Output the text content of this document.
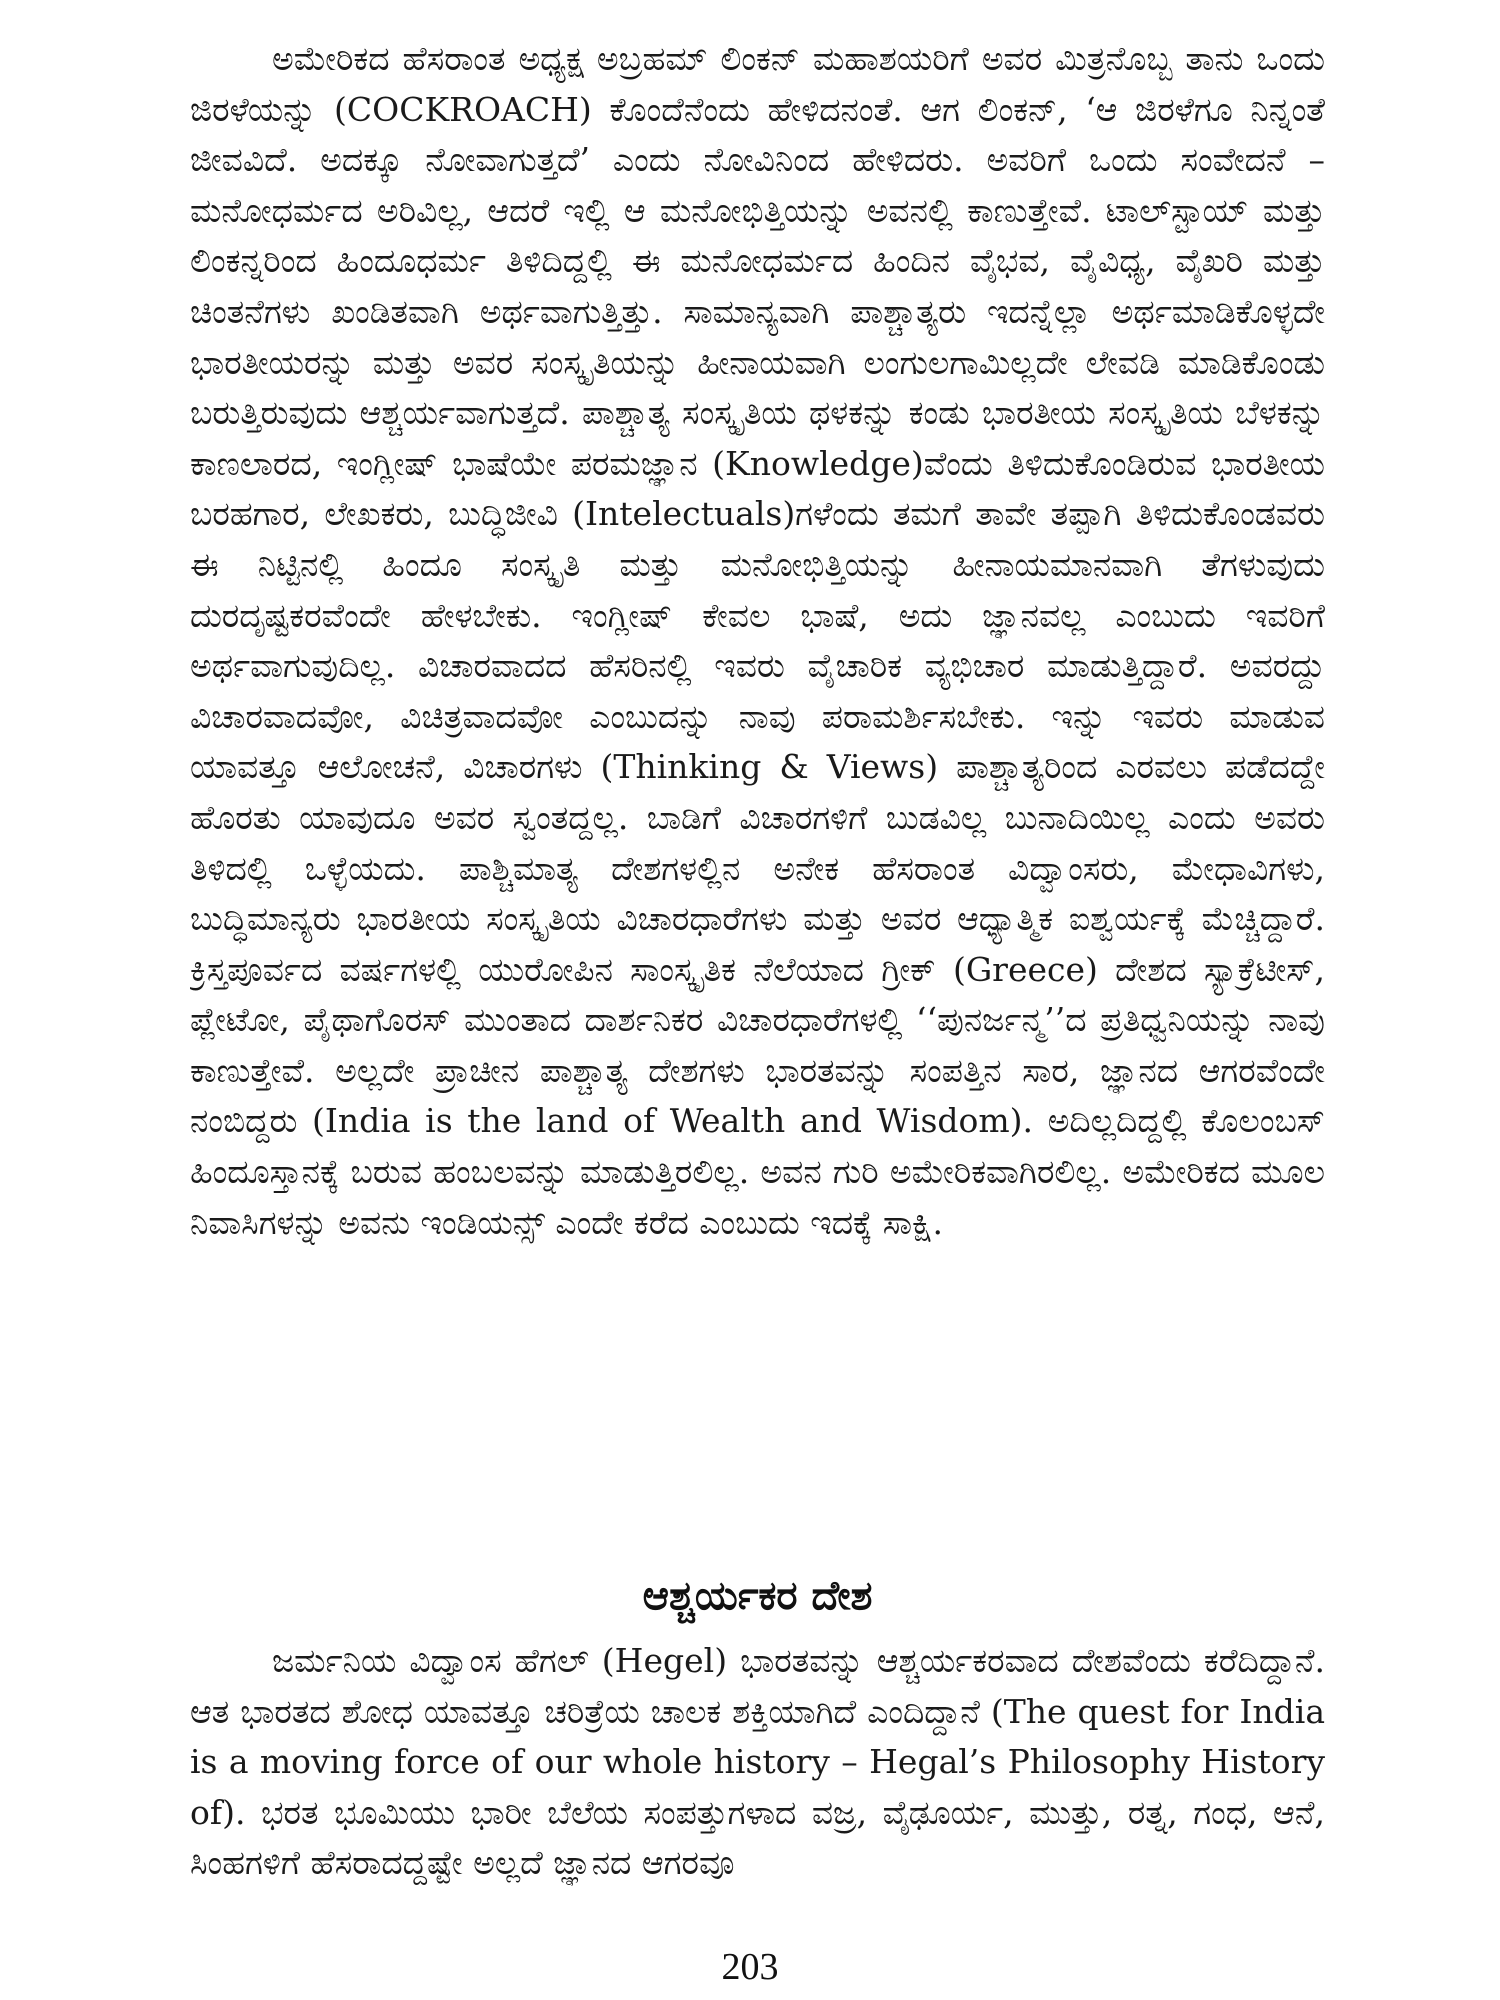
ಅಮೇರಿಕದ ಹೆಸರಾಂತ ಅಧ್ಯಕ್ಷ ಅಬ್ರಹಮ್ ಲಿಂಕನ್ ಮಹಾಶಯರಿಗೆ ಅವರ ಮಿತ್ರನೊಬ್ಬ ತಾನು ಒಂದು ಜಿರಳೆಯನ್ನು (COCKROACH) ಕೊಂದೆನೆಂದು ಹೇಳಿದನಂತೆ. ಆಗ ಲಿಂಕನ್, ‘ಆ ಜಿರಳೆಗೂ ನಿನ್ನಂತೆ ಜೀವವಿದೆ. ಅದಕ್ಕೂ ನೋವಾಗುತ್ತದೆ’ ಎಂದು ನೋವಿನಿಂದ ಹೇಳಿದರು. ಅವರಿಗೆ ಒಂದು ಸಂವೇದನೆ – ಮನೋಧರ್ಮದ ಅರಿವಿಲ್ಲ, ಆದರೆ ಇಲ್ಲಿ ಆ ಮನೋಭಿತ್ತಿಯನ್ನು ಅವನಲ್ಲಿ ಕಾಣುತ್ತೇವೆ. ಟಾಲ್‌ಸ್ಟಾಯ್ ಮತ್ತು ಲಿಂಕನ್ನರಿಂದ ಹಿಂದೂಧರ್ಮ ತಿಳಿದಿದ್ದಲ್ಲಿ ಈ ಮನೋಧರ್ಮದ ಹಿಂದಿನ ವೈಭವ, ವೈವಿಧ್ಯ, ವೈಖರಿ ಮತ್ತು ಚಿಂತನೆಗಳು ಖಂಡಿತವಾಗಿ ಅರ್ಥವಾಗುತ್ತಿತ್ತು. ಸಾಮಾನ್ಯವಾಗಿ ಪಾಶ್ಚಾತ್ಯರು ಇದನ್ನೆಲ್ಲಾ ಅರ್ಥಮಾಡಿಕೊಳ್ಳದೇ ಭಾರತೀಯರನ್ನು ಮತ್ತು ಅವರ ಸಂಸ್ಕೃತಿಯನ್ನು ಹೀನಾಯವಾಗಿ ಲಂಗುಲಗಾಮಿಲ್ಲದೇ ಲೇವಡಿ ಮಾಡಿಕೊಂಡು ಬರುತ್ತಿರುವುದು ಆಶ್ಚರ್ಯವಾಗುತ್ತದೆ. ಪಾಶ್ಚಾತ್ಯ ಸಂಸ್ಕೃತಿಯ ಥಳಕನ್ನು ಕಂಡು ಭಾರತೀಯ ಸಂಸ್ಕೃತಿಯ ಬೆಳಕನ್ನು ಕಾಣಲಾರದ, ಇಂಗ್ಲೀಷ್ ಭಾಷೆಯೇ ಪರಮಜ್ಞಾನ (Knowledge)ವೆಂದು ತಿಳಿದುಕೊಂಡಿರುವ ಭಾರತೀಯ ಬರಹಗಾರ, ಲೇಖಕರು, ಬುದ್ಧಿಜೀವಿ (Intelectuals)ಗಳೆಂದು ತಮಗೆ ತಾವೇ ತಪ್ಪಾಗಿ ತಿಳಿದುಕೊಂಡವರು ಈ ನಿಟ್ಟಿನಲ್ಲಿ ಹಿಂದೂ ಸಂಸ್ಕೃತಿ ಮತ್ತು ಮನೋಭಿತ್ತಿಯನ್ನು ಹೀನಾಯಮಾನವಾಗಿ ತೆಗಳುವುದು ದುರದೃಷ್ಟಕರವೆಂದೇ ಹೇಳಬೇಕು. ಇಂಗ್ಲೀಷ್ ಕೇವಲ ಭಾಷೆ, ಅದು ಜ್ಞಾನವಲ್ಲ ಎಂಬುದು ಇವರಿಗೆ ಅರ್ಥವಾಗುವುದಿಲ್ಲ. ವಿಚಾರವಾದದ ಹೆಸರಿನಲ್ಲಿ ಇವರು ವೈಚಾರಿಕ ವ್ಯಭಿಚಾರ ಮಾಡುತ್ತಿದ್ದಾರೆ. ಅವರದ್ದು ವಿಚಾರವಾದವೋ, ವಿಚಿತ್ರವಾದವೋ ಎಂಬುದನ್ನು ನಾವು ಪರಾಮರ್ಶಿಸಬೇಕು. ಇನ್ನು ಇವರು ಮಾಡುವ ಯಾವತ್ತೂ ಆಲೋಚನೆ, ವಿಚಾರಗಳು (Thinking & Views) ಪಾಶ್ಚಾತ್ಯರಿಂದ ಎರವಲು ಪಡೆದದ್ದೇ ಹೊರತು ಯಾವುದೂ ಅವರ ಸ್ವಂತದ್ದಲ್ಲ. ಬಾಡಿಗೆ ವಿಚಾರಗಳಿಗೆ ಬುಡವಿಲ್ಲ ಬುನಾದಿಯಿಲ್ಲ ಎಂದು ಅವರು ತಿಳಿದಲ್ಲಿ ಒಳ್ಳೆಯದು. ಪಾಶ್ಚಿಮಾತ್ಯ ದೇಶಗಳಲ್ಲಿನ ಅನೇಕ ಹೆಸರಾಂತ ವಿದ್ವಾಂಸರು, ಮೇಧಾವಿಗಳು, ಬುದ್ಧಿಮಾನ್ಯರು ಭಾರತೀಯ ಸಂಸ್ಕೃತಿಯ ವಿಚಾರಧಾರೆಗಳು ಮತ್ತು ಅವರ ಆಧ್ಯಾತ್ಮಿಕ ಐಶ್ವರ್ಯಕ್ಕೆ ಮೆಚ್ಚಿದ್ದಾರೆ. ಕ್ರಿಸ್ತಪೂರ್ವದ ವರ್ಷಗಳಲ್ಲಿ ಯುರೋಪಿನ ಸಾಂಸ್ಕೃತಿಕ ನೆಲೆಯಾದ ಗ್ರೀಕ್ (Greece) ದೇಶದ ಸ್ಯಾಕ್ರೆಟೀಸ್, ಪ್ಲೇಟೋ, ಪೈಥಾಗೊರಸ್ ಮುಂತಾದ ದಾರ್ಶನಿಕರ ವಿಚಾರಧಾರೆಗಳಲ್ಲಿ ‘‘ಪುನರ್ಜನ್ಮ’’ದ ಪ್ರತಿಧ್ವನಿಯನ್ನು ನಾವು ಕಾಣುತ್ತೇವೆ. ಅಲ್ಲದೇ ಪ್ರಾಚೀನ ಪಾಶ್ಚಾತ್ಯ ದೇಶಗಳು ಭಾರತವನ್ನು ಸಂಪತ್ತಿನ ಸಾರ, ಜ್ಞಾನದ ಆಗರವೆಂದೇ ನಂಬಿದ್ದರು (India is the land of Wealth and Wisdom). ಅದಿಲ್ಲದಿದ್ದಲ್ಲಿ ಕೊಲಂಬಸ್ ಹಿಂದೂಸ್ತಾನಕ್ಕೆ ಬರುವ ಹಂಬಲವನ್ನು ಮಾಡುತ್ತಿರಲಿಲ್ಲ. ಅವನ ಗುರಿ ಅಮೇರಿಕವಾಗಿರಲಿಲ್ಲ. ಅಮೇರಿಕದ ಮೂಲ ನಿವಾಸಿಗಳನ್ನು ಅವನು ಇಂಡಿಯನ್ಸ್ ಎಂದೇ ಕರೆದ ಎಂಬುದು ಇದಕ್ಕೆ ಸಾಕ್ಷಿ.

ಆಶ್ಚರ್ಯಕರ ದೇಶ

ಜರ್ಮನಿಯ ವಿದ್ವಾಂಸ ಹೆಗಲ್ (Hegel) ಭಾರತವನ್ನು ಆಶ್ಚರ್ಯಕರವಾದ ದೇಶವೆಂದು ಕರೆದಿದ್ದಾನೆ. ಆತ ಭಾರತದ ಶೋಧ ಯಾವತ್ತೂ ಚರಿತ್ರೆಯ ಚಾಲಕ ಶಕ್ತಿಯಾಗಿದೆ ಎಂದಿದ್ದಾನೆ (The quest for India is a moving force of our whole history – Hegal’s Philosophy History of). ಭರತ ಭೂಮಿಯು ಭಾರೀ ಬೆಲೆಯ ಸಂಪತ್ತುಗಳಾದ ವಜ್ರ, ವೈಢೂರ್ಯ, ಮುತ್ತು, ರತ್ನ, ಗಂಧ, ಆನೆ, ಸಿಂಹಗಳಿಗೆ ಹೆಸರಾದದ್ದಷ್ಟೇ ಅಲ್ಲದೆ ಜ್ಞಾನದ ಆಗರವೂ

203
